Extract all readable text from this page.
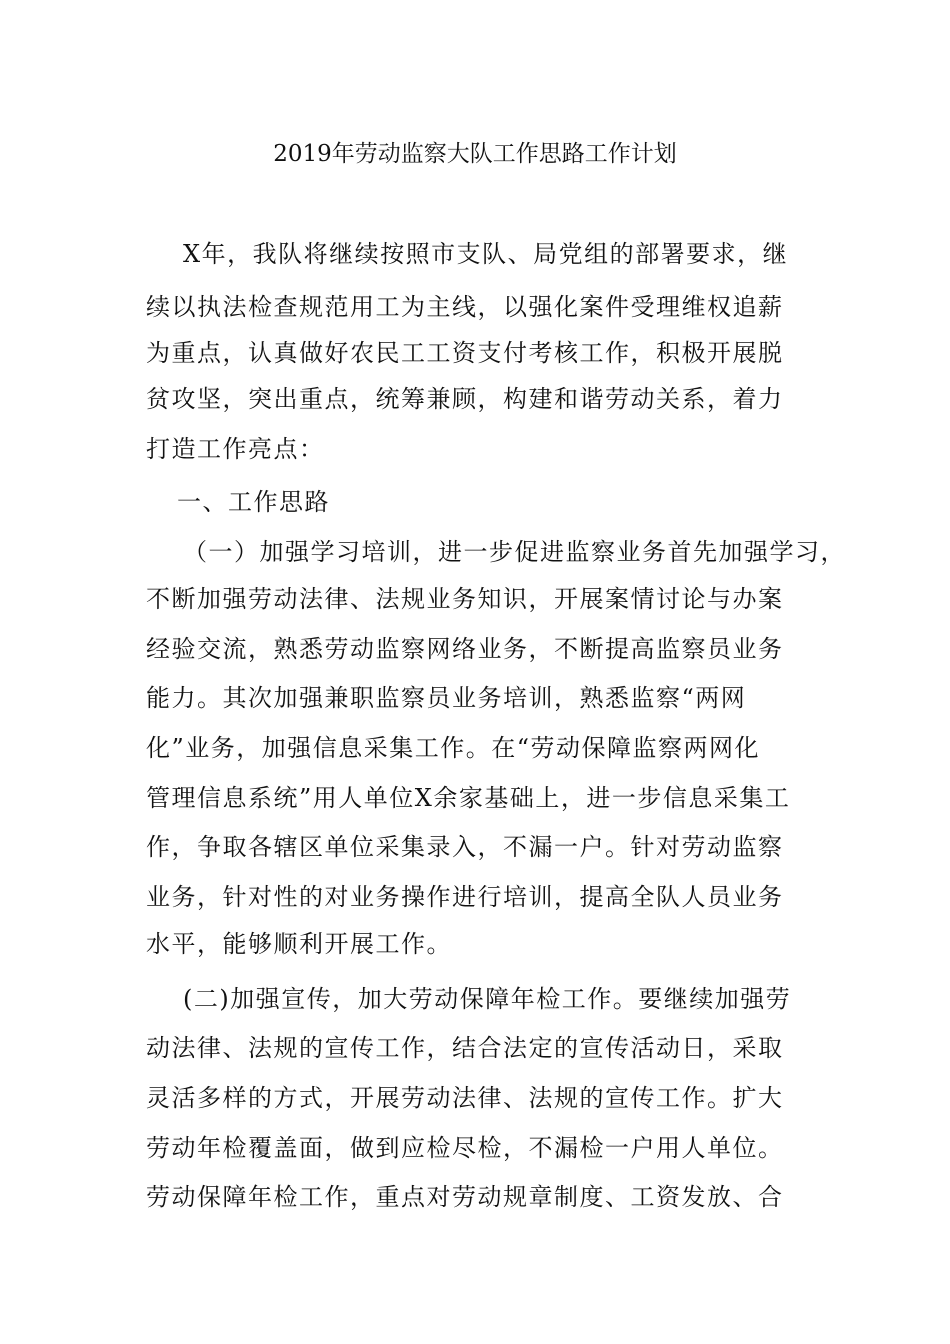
2019年劳动监察大队工作思路工作计划
X年，我队将继续按照市支队、局党组的部署要求，继
续以执法检查规范用工为主线，以强化案件受理维权追薪
为重点，认真做好农民工工资支付考核工作，积极开展脱
贫攻坚，突出重点，统筹兼顾，构建和谐劳动关系，着力
打造工作亮点：
一、工作思路
（一）加强学习培训，进一步促进监察业务首先加强学习，
不断加强劳动法律、法规业务知识，开展案情讨论与办案
经验交流，熟悉劳动监察网络业务，不断提高监察员业务
能力。其次加强兼职监察员业务培训，熟悉监察“两网
化”业务，加强信息采集工作。在“劳动保障监察两网化
管理信息系统”用人单位X余家基础上，进一步信息采集工
作，争取各辖区单位采集录入，不漏一户。针对劳动监察
业务，针对性的对业务操作进行培训，提高全队人员业务
水平，能够顺利开展工作。
(二)加强宣传，加大劳动保障年检工作。要继续加强劳
动法律、法规的宣传工作，结合法定的宣传活动日，采取
灵活多样的方式，开展劳动法律、法规的宣传工作。扩大
劳动年检覆盖面，做到应检尽检，不漏检一户用人单位。
劳动保障年检工作，重点对劳动规章制度、工资发放、合
